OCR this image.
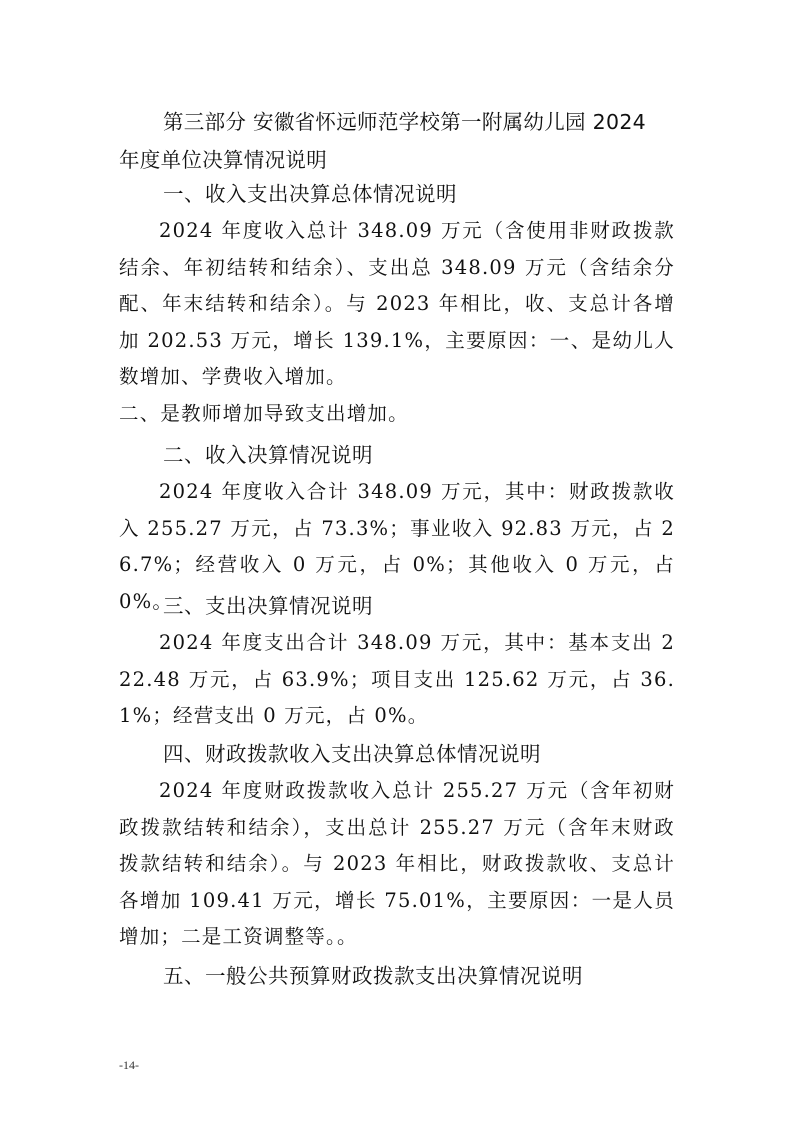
第三部分 安徽省怀远师范学校第一附属幼儿园 2024
年度单位决算情况说明
一、收入支出决算总体情况说明

2024 年度收入总计 348.09 万元（含使用非财政拨款结余、年初结转和结余）、支出总 348.09 万元（含结余分配、年末结转和结余）。与 2023 年相比，收、支总计各增加 202.53 万元，增长 139.1%，主要原因：一、是幼儿人数增加、学费收入增加。

二、是教师增加导致支出增加。

二、收入决算情况说明

2024 年度收入合计 348.09 万元，其中：财政拨款收入 255.27 万元，占 73.3%；事业收入 92.83 万元，占 26.7%；经营收入 0 万元，占 0%；其他收入 0 万元，占 0%。

三、支出决算情况说明

2024 年度支出合计 348.09 万元，其中：基本支出 222.48 万元，占 63.9%；项目支出 125.62 万元，占 36.1%；经营支出 0 万元，占 0%。

四、财政拨款收入支出决算总体情况说明

2024 年度财政拨款收入总计 255.27 万元（含年初财政拨款结转和结余），支出总计 255.27 万元（含年末财政拨款结转和结余）。与 2023 年相比，财政拨款收、支总计各增加 109.41 万元，增长 75.01%，主要原因：一是人员增加；二是工资调整等。。

五、一般公共预算财政拨款支出决算情况说明
-14-
